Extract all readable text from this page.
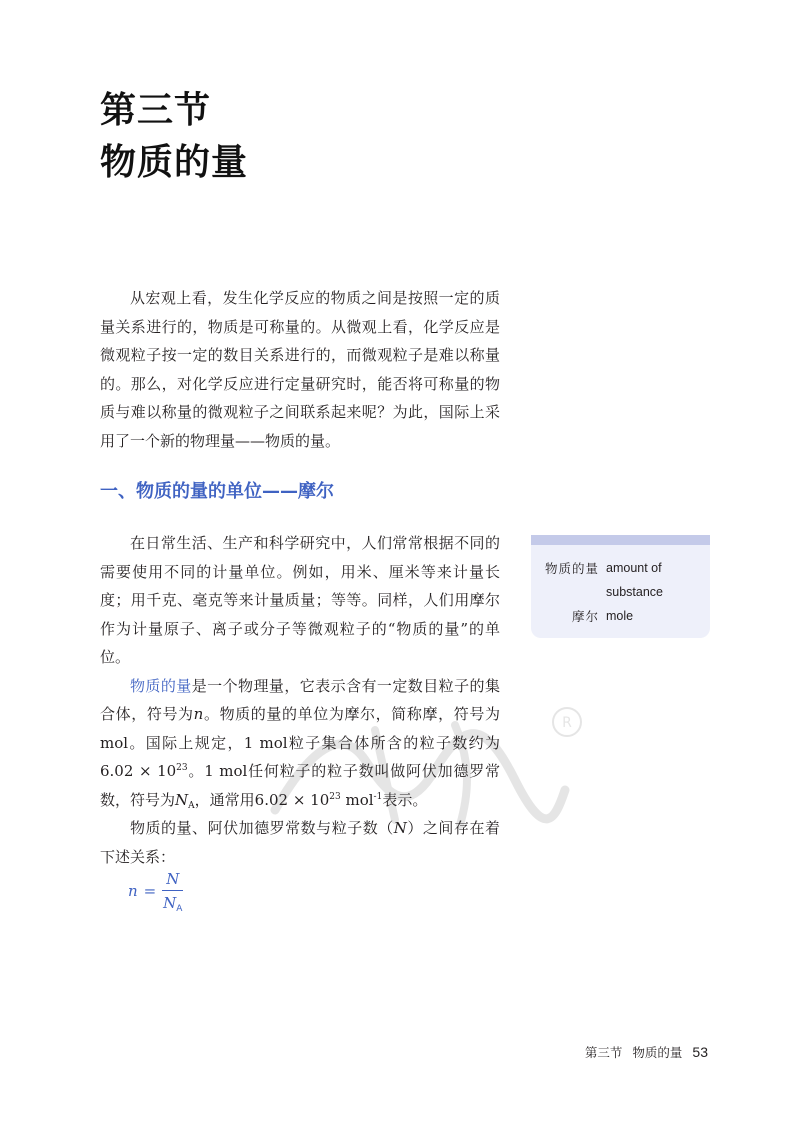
第三节
物质的量

从宏观上看，发生化学反应的物质之间是按照一定的质量关系进行的，物质是可称量的。从微观上看，化学反应是微观粒子按一定的数目关系进行的，而微观粒子是难以称量的。那么，对化学反应进行定量研究时，能否将可称量的物质与难以称量的微观粒子之间联系起来呢？为此，国际上采用了一个新的物理量——物质的量。

一、物质的量的单位——摩尔

在日常生活、生产和科学研究中，人们常常根据不同的需要使用不同的计量单位。例如，用米、厘米等来计量长度；用千克、毫克等来计量质量；等等。同样，人们用摩尔作为计量原子、离子或分子等微观粒子的“物质的量”的单位。

物质的量是一个物理量，它表示含有一定数目粒子的集合体，符号为n。物质的量的单位为摩尔，简称摩，符号为mol。国际上规定，1 mol粒子集合体所含的粒子数约为$6.02 \times 10^{23}$。1 mol任何粒子的粒子数叫做阿伏加德罗常数，符号为$N_A$，通常用$6.02 \times 10^{23}$ mol$^{-1}$表示。

物质的量、阿伏加德罗常数与粒子数（N）之间存在着下述关系：

$n = \frac{N}{N_A}$
物质的量 amount of
substance
摩尔 mole
R
第三节 物质的量 53
